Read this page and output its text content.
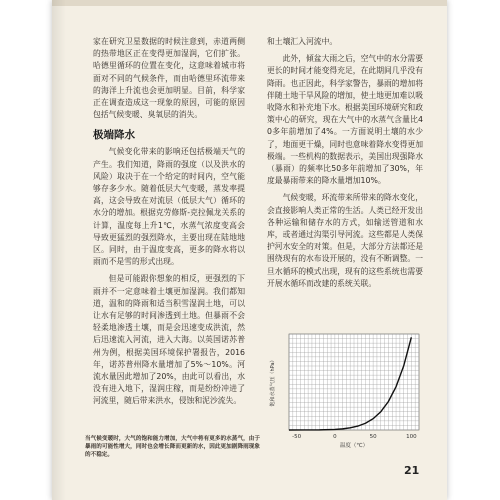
家在研究卫星数据的时候注意到，赤道两侧的热带地区正在变得更加湿润，它们扩张。哈德里循环的位置在变化，这意味着城市将面对不同的气候条件，而由哈德里环流带来的海洋上升流也会更加明显。目前，科学家正在调查造成这一现象的原因，可能的原因包括气候变暖、臭氧层的消失。

极端降水

气候变化带来的影响还包括极端天气的产生。我们知道，降雨的强度（以及洪水的风险）取决于在一个给定的时间内，空气能够存多少水。随着低层大气变暖，蒸发率提高，这会导致在对流层（低层大气）循环的水分的增加。根据克劳修斯-克拉佩龙关系的计算，温度每上升1℃，水蒸气浓度变高会导致更猛烈的强烈降水，主要出现在陆地地区。同时，由于温度变高，更多的降水将以雨而不是雪的形式出现。

但是可能跟你想象的相反，更强烈的下雨并不一定意味着土壤更加湿润。我们都知道，温和的降雨和适当积雪湿润土地，可以让水有足够的时间渗透到土地。但暴雨不会轻柔地渗透土壤，而是会迅速变成洪流，然后迅速流入河流，进入大海。以英国诺苏普州为例，根据美国环境保护署报告，2016年，诺苏普州降水量增加了5%～10%。河流水量因此增加了20%，由此可以看出，水没有进入地下，湿润庄稼，而是纷纷冲进了河流里，随后带来洪水，侵蚀和泥沙流失。

和土壤汇入河流中。

此外，傾盆大雨之后，空气中的水分需要更长的时间才能变得充足，在此期间几乎没有降雨。也正因此，科学家警告，暴雨的增加将伴随土地干旱风险的增加，使土地更加难以吸收降水和补充地下水。根据美国环境研究和政策中心的研究，现在大气中的水蒸气含量比40多年前增加了4%。一方面说明土壤的水少了，地面更干燥，同时也意味着降水变得更加极端。一些机构的数据表示，美国出现强降水（暴雨）的频率比50多年前增加了30%，年度最暴雨带来的降水量增加10%。

气候变暖，环流带来所带来的降水变化，会直接影响人类正常的生活。人类已经开发出各种运输和储存水的方式，如输送管道和水库，或者通过沟渠引导河流。这些都是人类保护河水安全的对策。但是，大部分方法都还是围绕现有的水布设开展的，没有不断调整。一旦水循环的模式出现，现有的这些系统也需要开展水循环而改建的系统关联。

-50	0	50	100
温度（℃）
饱和水蒸气压（hPa）
当气候变暖时，大气的饱和能力增加，大气中将有更多的水蒸气，由于暴雨的可能性增大，同时也会增长降而更新的水，因此更加剧降雨现象的不稳定。
21
